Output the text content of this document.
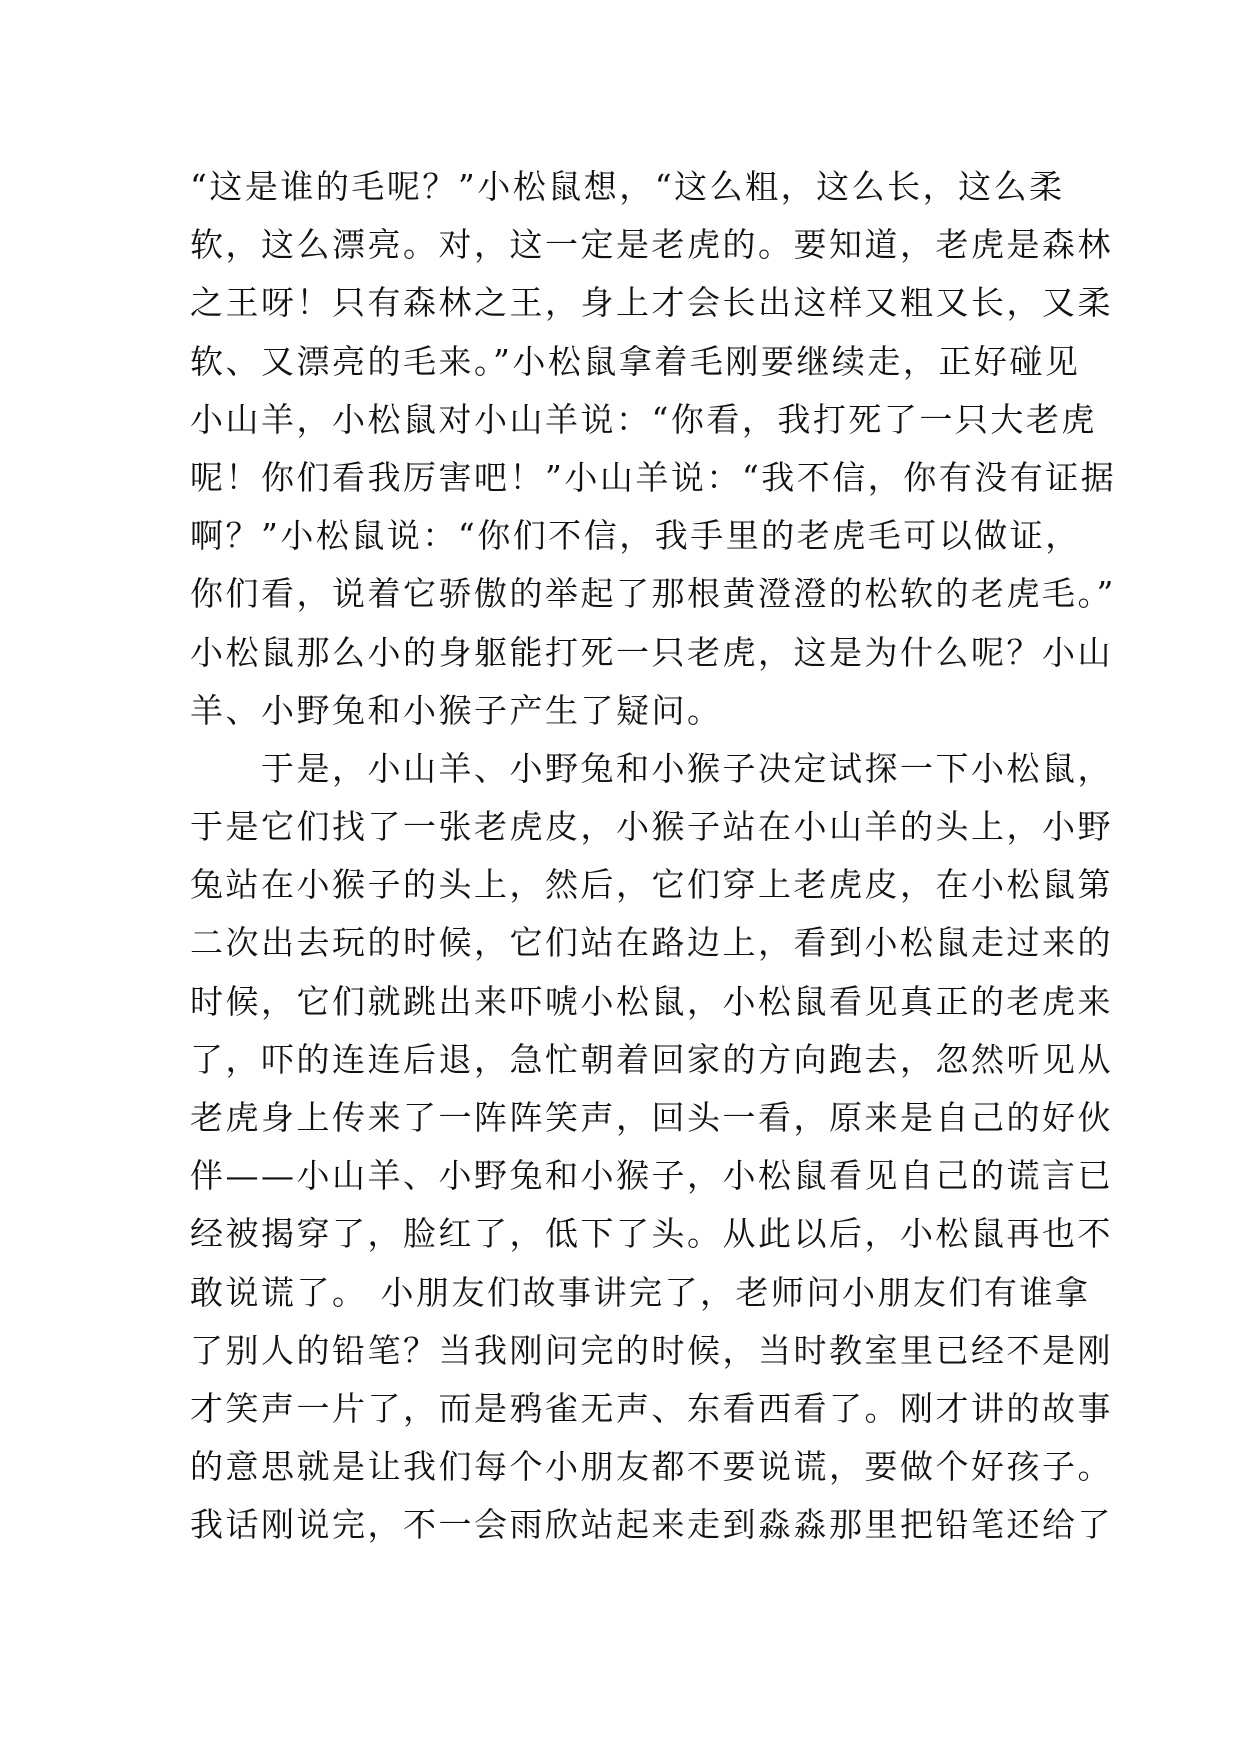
“这是谁的毛呢？”小松鼠想，“这么粗，这么长，这么柔
软，这么漂亮。对，这一定是老虎的。要知道，老虎是森林
之王呀！只有森林之王，身上才会长出这样又粗又长，又柔
软、又漂亮的毛来。”小松鼠拿着毛刚要继续走，正好碰见
小山羊，小松鼠对小山羊说：“你看，我打死了一只大老虎
呢！你们看我厉害吧！”小山羊说：“我不信，你有没有证据
啊？”小松鼠说：“你们不信，我手里的老虎毛可以做证，
你们看，说着它骄傲的举起了那根黄澄澄的松软的老虎毛。”
小松鼠那么小的身躯能打死一只老虎，这是为什么呢？小山
羊、小野兔和小猴子产生了疑问。
　　于是，小山羊、小野兔和小猴子决定试探一下小松鼠，
于是它们找了一张老虎皮，小猴子站在小山羊的头上，小野
兔站在小猴子的头上，然后，它们穿上老虎皮，在小松鼠第
二次出去玩的时候，它们站在路边上，看到小松鼠走过来的
时候，它们就跳出来吓唬小松鼠，小松鼠看见真正的老虎来
了，吓的连连后退，急忙朝着回家的方向跑去，忽然听见从
老虎身上传来了一阵阵笑声，回头一看，原来是自己的好伙
伴——小山羊、小野兔和小猴子，小松鼠看见自己的谎言已
经被揭穿了，脸红了，低下了头。从此以后，小松鼠再也不
敢说谎了。 小朋友们故事讲完了，老师问小朋友们有谁拿
了别人的铅笔？当我刚问完的时候，当时教室里已经不是刚
才笑声一片了，而是鸦雀无声、东看西看了。刚才讲的故事
的意思就是让我们每个小朋友都不要说谎，要做个好孩子。
我话刚说完，不一会雨欣站起来走到淼淼那里把铅笔还给了
